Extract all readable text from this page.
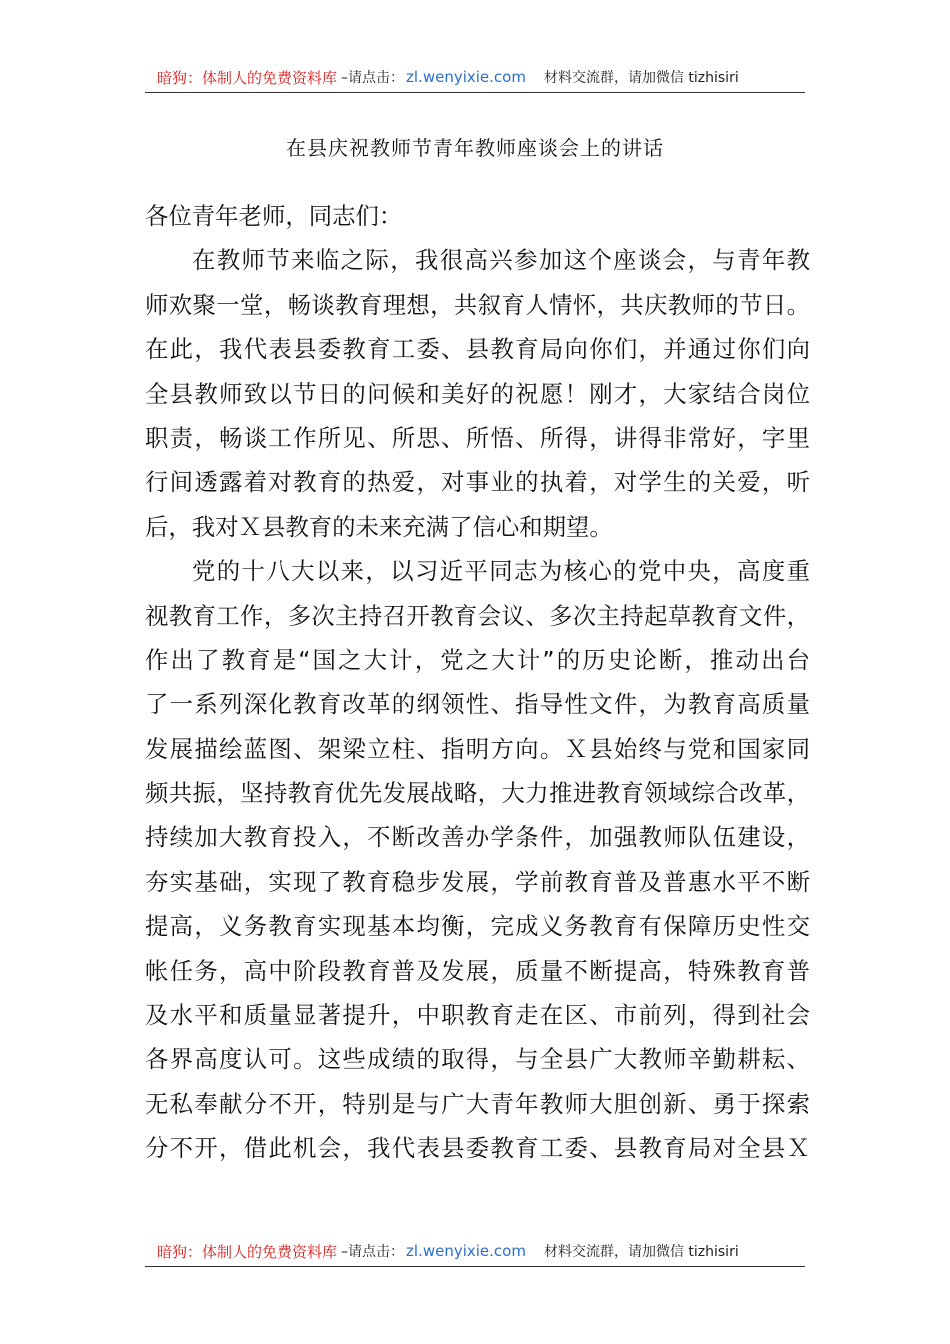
暗狗：体制人的免费资料库 –请点击： zl.wenyixie.com 材料交流群，请加微信 tizhisiri
在县庆祝教师节青年教师座谈会上的讲话
各位青年老师，同志们：
在教师节来临之际，我很高兴参加这个座谈会，与青年教
师欢聚一堂，畅谈教育理想，共叙育人情怀，共庆教师的节日。
在此，我代表县委教育工委、县教育局向你们，并通过你们向
全县教师致以节日的问候和美好的祝愿！刚才，大家结合岗位
职责，畅谈工作所见、所思、所悟、所得，讲得非常好，字里
行间透露着对教育的热爱，对事业的执着，对学生的关爱，听
后，我对Ｘ县教育的未来充满了信心和期望。
党的十八大以来，以习近平同志为核心的党中央，高度重
视教育工作，多次主持召开教育会议、多次主持起草教育文件，
作出了教育是“国之大计，党之大计”的历史论断，推动出台
了一系列深化教育改革的纲领性、指导性文件，为教育高质量
发展描绘蓝图、架梁立柱、指明方向。Ｘ县始终与党和国家同
频共振，坚持教育优先发展战略，大力推进教育领域综合改革，
持续加大教育投入，不断改善办学条件，加强教师队伍建设，
夯实基础，实现了教育稳步发展，学前教育普及普惠水平不断
提高，义务教育实现基本均衡，完成义务教育有保障历史性交
帐任务，高中阶段教育普及发展，质量不断提高，特殊教育普
及水平和质量显著提升，中职教育走在区、市前列，得到社会
各界高度认可。这些成绩的取得，与全县广大教师辛勤耕耘、
无私奉献分不开，特别是与广大青年教师大胆创新、勇于探索
分不开，借此机会，我代表县委教育工委、县教育局对全县Ｘ
暗狗：体制人的免费资料库 –请点击： zl.wenyixie.com 材料交流群，请加微信 tizhisiri
